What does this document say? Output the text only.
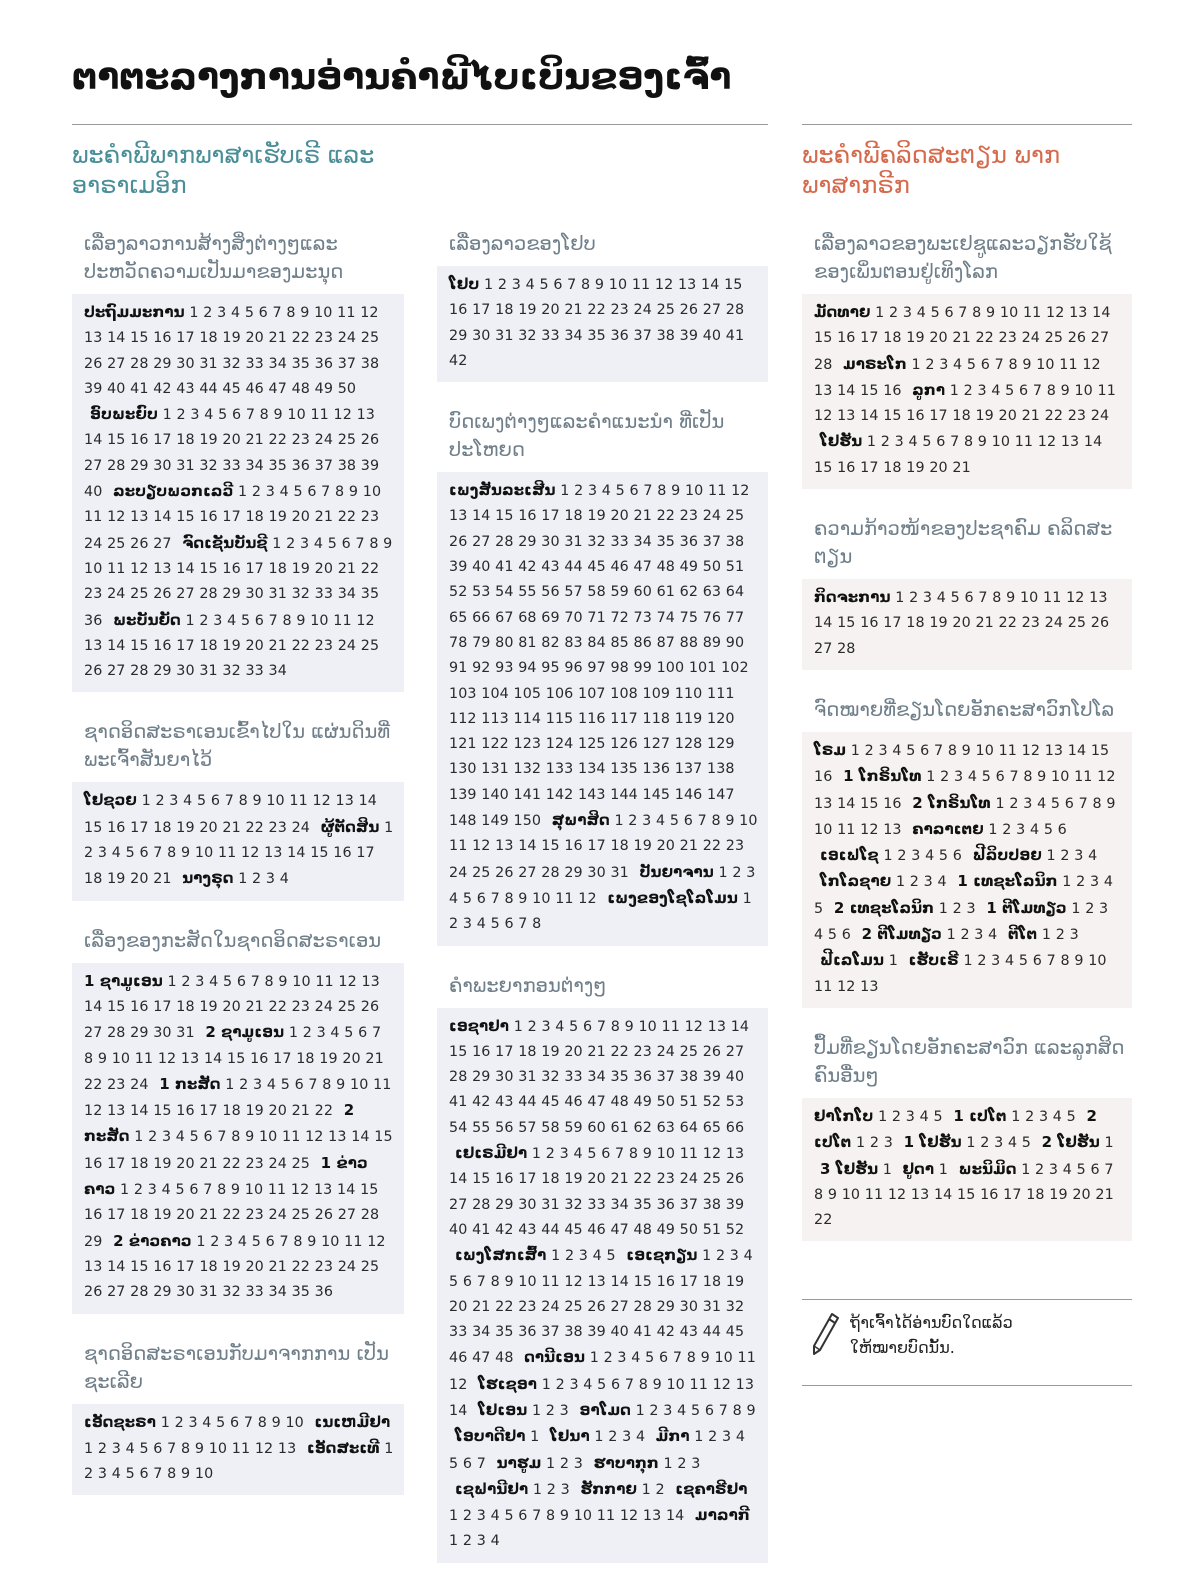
ຕາຕະລາງການອ່ານຄຳພີໄບເບິນຂອງເຈົ້າ
ພະຄຳພີພາກພາສາເຮັບເຣີ ແລະອາຣາເມອິກ
ພະຄຳພີຄລິດສະຕຽນ ພາກພາສາກຣີກ
ເລື່ອງລາວການສ້າງສິ່ງຕ່າງໆແລະ ປະຫວັດຄວາມເປັນມາຂອງມະນຸດ
ປະຖົມມະການ 1 2 3 4 5 6 7 8 9 10 11 12 13 14 15 16 17 18 19 20 21 22 23 24 25 26 27 28 29 30 31 32 33 34 35 36 37 38 39 40 41 42 43 44 45 46 47 48 49 50 ອົບພະຍົບ 1 2 3 4 5 6 7 8 9 10 11 12 13 14 15 16 17 18 19 20 21 22 23 24 25 26 27 28 29 30 31 32 33 34 35 36 37 38 39 40 ລະບຽບພວກເລວີ 1 2 3 4 5 6 7 8 9 10 11 12 13 14 15 16 17 18 19 20 21 22 23 24 25 26 27 ຈົດເຊັນບັນຊີ 1 2 3 4 5 6 7 8 9 10 11 12 13 14 15 16 17 18 19 20 21 22 23 24 25 26 27 28 29 30 31 32 33 34 35 36 ພະບັນຍັດ 1 2 3 4 5 6 7 8 9 10 11 12 13 14 15 16 17 18 19 20 21 22 23 24 25 26 27 28 29 30 31 32 33 34
ຊາດອິດສະຣາເອນເຂົ້າໄປໃນ ແຜ່ນດິນທີ່ພະເຈົ້າສັນຍາໄວ້
ໂຢຊວຍ 1 2 3 4 5 6 7 8 9 10 11 12 13 14 15 16 17 18 19 20 21 22 23 24 ຜູ້ຕັດສິນ 1 2 3 4 5 6 7 8 9 10 11 12 13 14 15 16 17 18 19 20 21 ນາງຣຸດ 1 2 3 4
ເລື່ອງຂອງກະສັດໃນຊາດອິດສະຣາເອນ
1 ຊາມູເອນ 1 2 3 4 5 6 7 8 9 10 11 12 13 14 15 16 17 18 19 20 21 22 23 24 25 26 27 28 29 30 31 2 ຊາມູເອນ 1 2 3 4 5 6 7 8 9 10 11 12 13 14 15 16 17 18 19 20 21 22 23 24 1 ກະສັດ 1 2 3 4 5 6 7 8 9 10 11 12 13 14 15 16 17 18 19 20 21 22 2 ກະສັດ 1 2 3 4 5 6 7 8 9 10 11 12 13 14 15 16 17 18 19 20 21 22 23 24 25 1 ຂ່າວຄາວ 1 2 3 4 5 6 7 8 9 10 11 12 13 14 15 16 17 18 19 20 21 22 23 24 25 26 27 28 29 2 ຂ່າວຄາວ 1 2 3 4 5 6 7 8 9 10 11 12 13 14 15 16 17 18 19 20 21 22 23 24 25 26 27 28 29 30 31 32 33 34 35 36
ຊາດອິດສະຣາເອນກັບມາຈາກການ ເປັນຊະເລີຍ
ເອັດຊະຣາ 1 2 3 4 5 6 7 8 9 10 ເນເຫມີຢາ 1 2 3 4 5 6 7 8 9 10 11 12 13 ເອັດສະເທີ 1 2 3 4 5 6 7 8 9 10
ເລື່ອງລາວຂອງໂຢບ
ໂຢບ 1 2 3 4 5 6 7 8 9 10 11 12 13 14 15 16 17 18 19 20 21 22 23 24 25 26 27 28 29 30 31 32 33 34 35 36 37 38 39 40 41 42
ບົດເພງຕ່າງໆແລະຄຳແນະນຳ ທີ່ເປັນປະໂຫຍດ
ເພງສັນລະເສີນ 1 2 3 4 5 6 7 8 9 10 11 12 13 14 15 16 17 18 19 20 21 22 23 24 25 26 27 28 29 30 31 32 33 34 35 36 37 38 39 40 41 42 43 44 45 46 47 48 49 50 51 52 53 54 55 56 57 58 59 60 61 62 63 64 65 66 67 68 69 70 71 72 73 74 75 76 77 78 79 80 81 82 83 84 85 86 87 88 89 90 91 92 93 94 95 96 97 98 99 100 101 102 103 104 105 106 107 108 109 110 111 112 113 114 115 116 117 118 119 120 121 122 123 124 125 126 127 128 129 130 131 132 133 134 135 136 137 138 139 140 141 142 143 144 145 146 147 148 149 150 ສຸພາສິດ 1 2 3 4 5 6 7 8 9 10 11 12 13 14 15 16 17 18 19 20 21 22 23 24 25 26 27 28 29 30 31 ປັນຍາຈານ 1 2 3 4 5 6 7 8 9 10 11 12 ເພງຂອງໂຊໂລໂມນ 1 2 3 4 5 6 7 8
ຄຳພະຍາກອນຕ່າງໆ
ເອຊາຢາ 1 2 3 4 5 6 7 8 9 10 11 12 13 14 15 16 17 18 19 20 21 22 23 24 25 26 27 28 29 30 31 32 33 34 35 36 37 38 39 40 41 42 43 44 45 46 47 48 49 50 51 52 53 54 55 56 57 58 59 60 61 62 63 64 65 66 ເຢເຣມີຢາ 1 2 3 4 5 6 7 8 9 10 11 12 13 14 15 16 17 18 19 20 21 22 23 24 25 26 27 28 29 30 31 32 33 34 35 36 37 38 39 40 41 42 43 44 45 46 47 48 49 50 51 52 ເພງໂສກເສົ້າ 1 2 3 4 5 ເອເຊກຽນ 1 2 3 4 5 6 7 8 9 10 11 12 13 14 15 16 17 18 19 20 21 22 23 24 25 26 27 28 29 30 31 32 33 34 35 36 37 38 39 40 41 42 43 44 45 46 47 48 ດານີເອນ 1 2 3 4 5 6 7 8 9 10 11 12 ໂຮເຊອາ 1 2 3 4 5 6 7 8 9 10 11 12 13 14 ໂຢເອນ 1 2 3 ອາໂມດ 1 2 3 4 5 6 7 8 9 ໂອບາດີຢາ 1 ໂຢນາ 1 2 3 4 ມີກາ 1 2 3 4 5 6 7 ນາຮູມ 1 2 3 ຮາບາກຸກ 1 2 3 ເຊຟານີຢາ 1 2 3 ຮັກກາຍ 1 2 ເຊຄາຣີຢາ 1 2 3 4 5 6 7 8 9 10 11 12 13 14 ມາລາກີ 1 2 3 4
ເລື່ອງລາວຂອງພະເຢຊູແລະວຽກຮັບໃຊ້ ຂອງເພິ່ນຕອນຢູ່ເທິງໂລກ
ມັດທາຍ 1 2 3 4 5 6 7 8 9 10 11 12 13 14 15 16 17 18 19 20 21 22 23 24 25 26 27 28 ມາຣະໂກ 1 2 3 4 5 6 7 8 9 10 11 12 13 14 15 16 ລູກາ 1 2 3 4 5 6 7 8 9 10 11 12 13 14 15 16 17 18 19 20 21 22 23 24 ໂຢຮັນ 1 2 3 4 5 6 7 8 9 10 11 12 13 14 15 16 17 18 19 20 21
ຄວາມກ້າວໜ້າຂອງປະຊາຄົມ ຄລິດສະຕຽນ
ກິດຈະການ 1 2 3 4 5 6 7 8 9 10 11 12 13 14 15 16 17 18 19 20 21 22 23 24 25 26 27 28
ຈົດໝາຍທີ່ຂຽນໂດຍອັກຄະສາວົກໂປໂລ
ໂຣມ 1 2 3 4 5 6 7 8 9 10 11 12 13 14 15 16 1 ໂກຣິນໂທ 1 2 3 4 5 6 7 8 9 10 11 12 13 14 15 16 2 ໂກຣິນໂທ 1 2 3 4 5 6 7 8 9 10 11 12 13 ຄາລາເຕຍ 1 2 3 4 5 6 ເອເຟໂຊ 1 2 3 4 5 6 ຟີລິບປອຍ 1 2 3 4 ໂກໂລຊາຍ 1 2 3 4 1 ເທຊະໂລນິກ 1 2 3 4 5 2 ເທຊະໂລນິກ 1 2 3 1 ຕີໂມທຽວ 1 2 3 4 5 6 2 ຕີໂມທຽວ 1 2 3 4 ຕີໂຕ 1 2 3 ຟີເລໂມນ 1 ເຮັບເຣີ 1 2 3 4 5 6 7 8 9 10 11 12 13
ປຶ້ມທີ່ຂຽນໂດຍອັກຄະສາວົກ ແລະລູກສິດຄົນອື່ນໆ
ຢາໂກໂບ 1 2 3 4 5 1 ເປໂຕ 1 2 3 4 5 2 ເປໂຕ 1 2 3 1 ໂຢຮັນ 1 2 3 4 5 2 ໂຢຮັນ 1 3 ໂຢຮັນ 1 ຢູດາ 1 ພະນິມິດ 1 2 3 4 5 6 7 8 9 10 11 12 13 14 15 16 17 18 19 20 21 22
ຖ້າເຈົ້າໄດ້ອ່ານບົດໃດແລ້ວ
ໃຫ້ໝາຍບົດນັ້ນ.
